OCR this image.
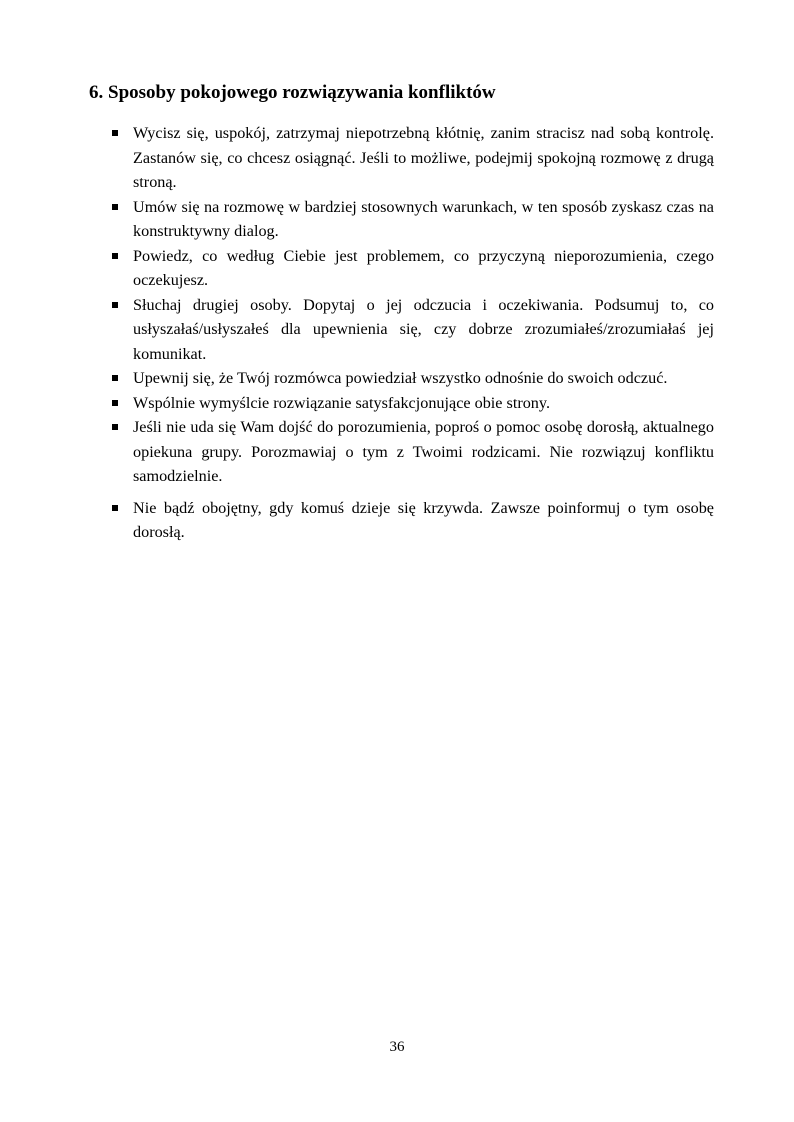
6. Sposoby pokojowego rozwiązywania konfliktów
Wycisz się, uspokój, zatrzymaj niepotrzebną kłótnię, zanim stracisz nad sobą kontrolę. Zastanów się, co chcesz osiągnąć. Jeśli to możliwe, podejmij spokojną rozmowę z drugą stroną.
Umów się na rozmowę w bardziej stosownych warunkach, w ten sposób zyskasz czas na konstruktywny dialog.
Powiedz, co według Ciebie jest problemem, co przyczyną nieporozumienia, czego oczekujesz.
Słuchaj drugiej osoby. Dopytaj o jej odczucia i oczekiwania. Podsumuj to, co usłyszałaś/usłyszałeś dla upewnienia się, czy dobrze zrozumiałeś/zrozumiałaś jej komunikat.
Upewnij się, że Twój rozmówca powiedział wszystko odnośnie do swoich odczuć.
Wspólnie wymyślcie rozwiązanie satysfakcjonujące obie strony.
Jeśli nie uda się Wam dojść do porozumienia, poproś o pomoc osobę dorosłą, aktualnego opiekuna grupy. Porozmawiaj o tym z Twoimi rodzicami. Nie rozwiązuj konfliktu samodzielnie.
Nie bądź obojętny, gdy komuś dzieje się krzywda. Zawsze poinformuj o tym osobę dorosłą.
36
